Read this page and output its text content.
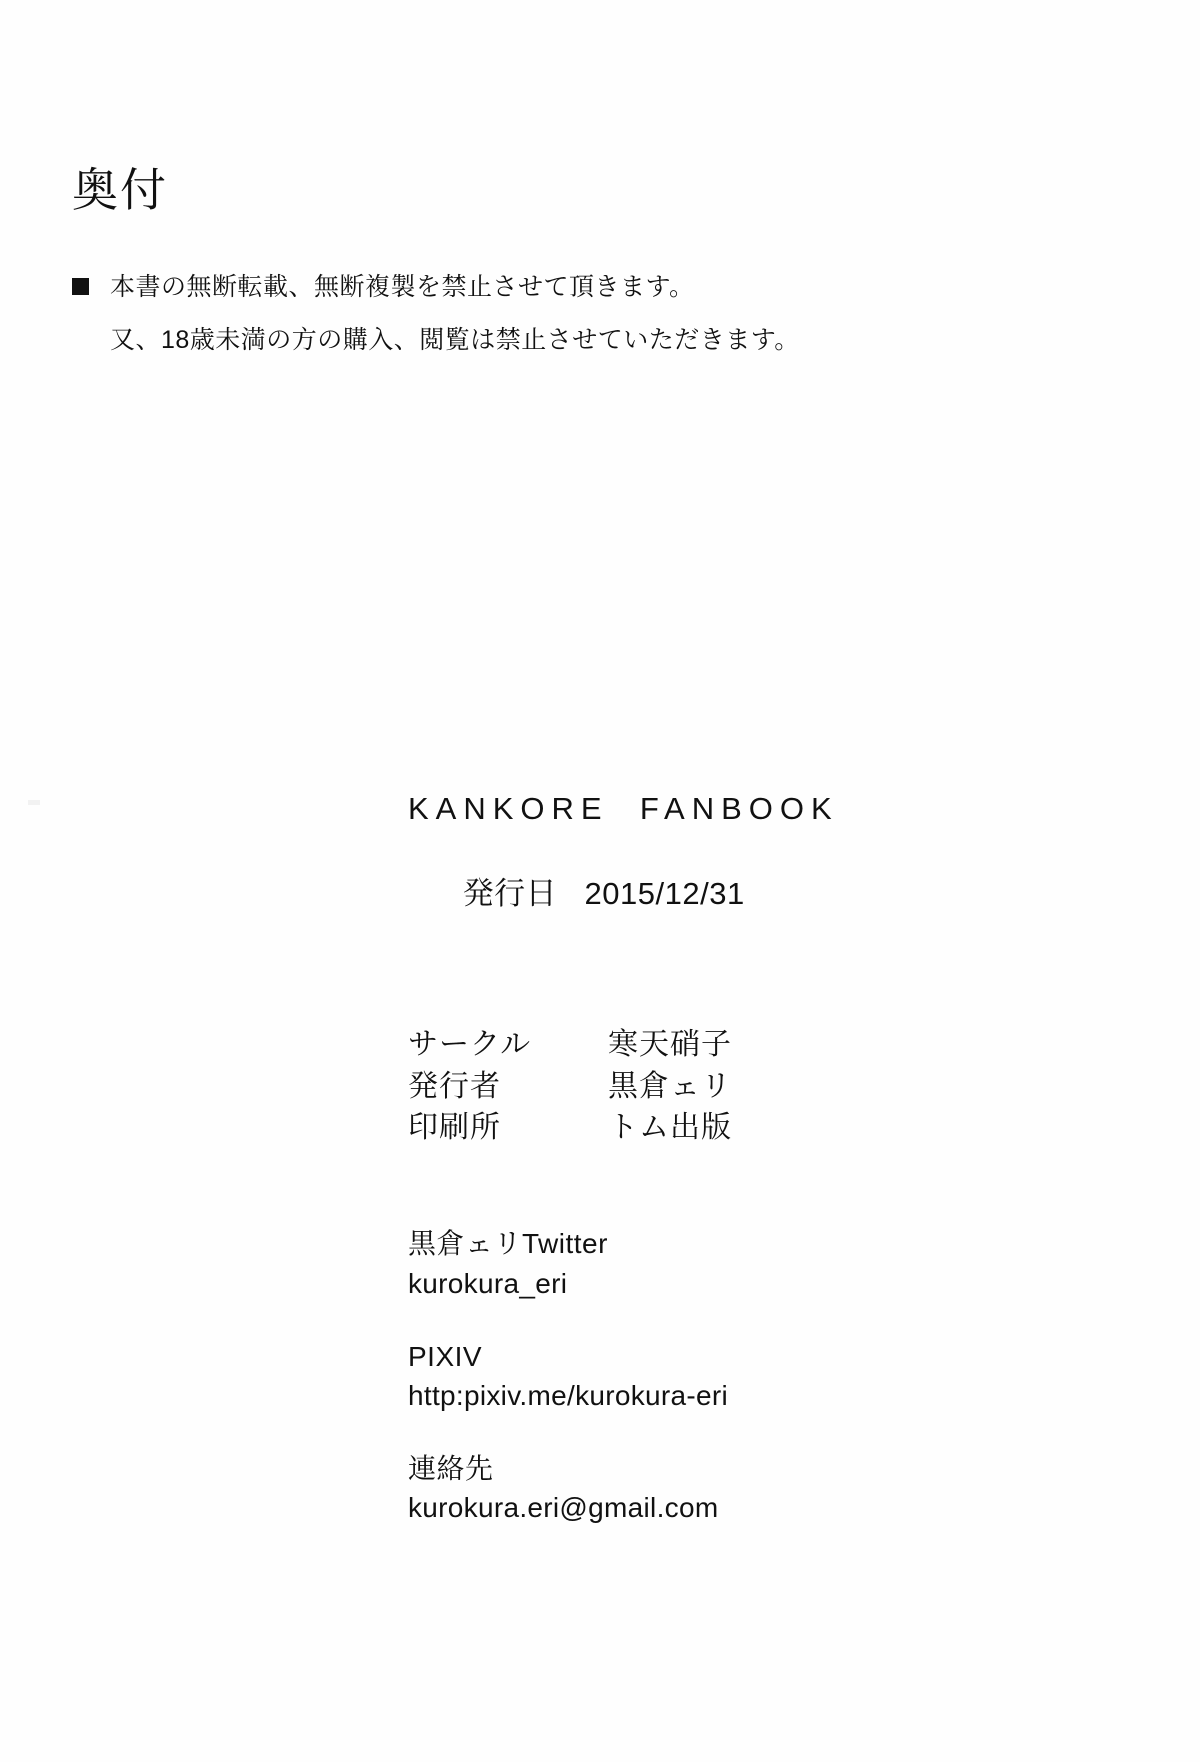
奥付
本書の無断転載、無断複製を禁止させて頂きます。
又、18歳未満の方の購入、閲覧は禁止させていただきます。
KANKORE  FANBOOK

発行日 2015/12/31

サークル	寒天硝子
発行者	黒倉ェリ
印刷所	トム出版
黒倉ェリTwitter
kurokura_eri
PIXIV
http:pixiv.me/kurokura-eri
連絡先
kurokura.eri@gmail.com
